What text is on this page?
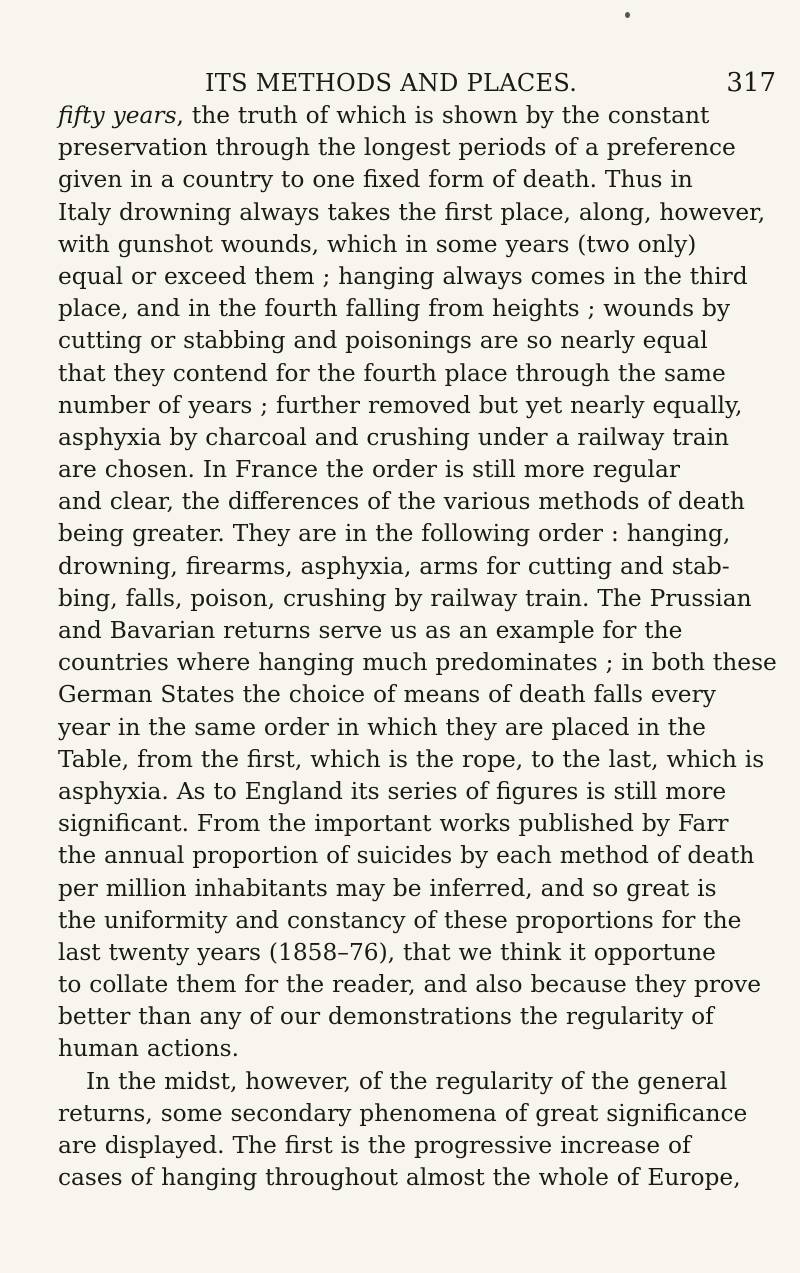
ITS METHODS AND PLACES.	317
fifty years, the truth of which is shown by the constant
preservation through the longest periods of a preference
given in a country to one fixed form of death. Thus in
Italy drowning always takes the first place, along, however,
with gunshot wounds, which in some years (two only)
equal or exceed them ; hanging always comes in the third
place, and in the fourth falling from heights ; wounds by
cutting or stabbing and poisonings are so nearly equal
that they contend for the fourth place through the same
number of years ; further removed but yet nearly equally,
asphyxia by charcoal and crushing under a railway train
are chosen. In France the order is still more regular
and clear, the differences of the various methods of death
being greater. They are in the following order : hanging,
drowning, firearms, asphyxia, arms for cutting and stab-
bing, falls, poison, crushing by railway train. The Prussian
and Bavarian returns serve us as an example for the
countries where hanging much predominates ; in both these
German States the choice of means of death falls every
year in the same order in which they are placed in the
Table, from the first, which is the rope, to the last, which is
asphyxia. As to England its series of figures is still more
significant. From the important works published by Farr
the annual proportion of suicides by each method of death
per million inhabitants may be inferred, and so great is
the uniformity and constancy of these proportions for the
last twenty years (1858–76), that we think it opportune
to collate them for the reader, and also because they prove
better than any of our demonstrations the regularity of
human actions.
In the midst, however, of the regularity of the general
returns, some secondary phenomena of great significance
are displayed. The first is the progressive increase of
cases of hanging throughout almost the whole of Europe,
